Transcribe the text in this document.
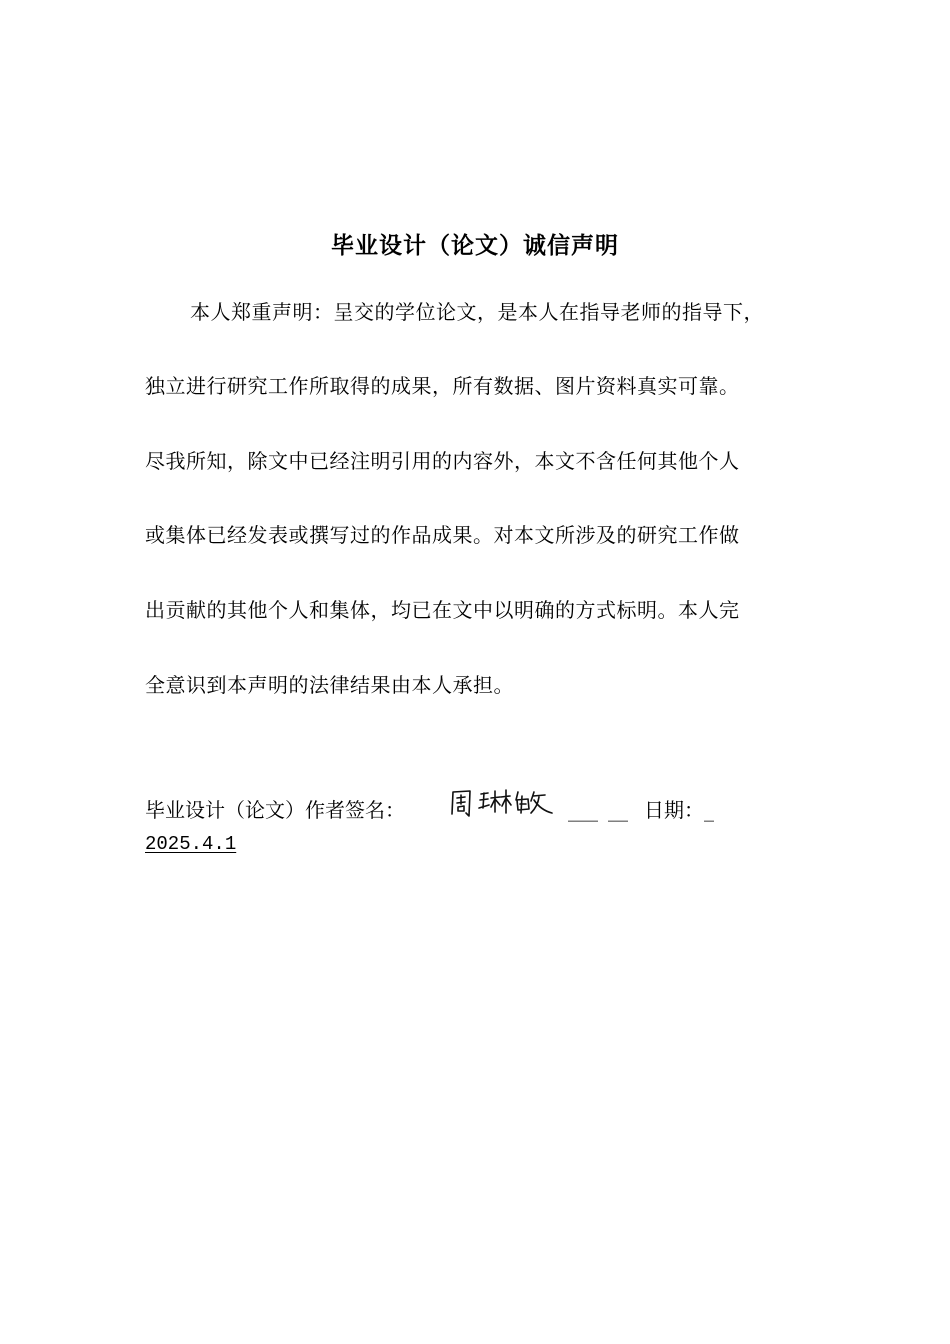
毕业设计（论文）诚信声明
本人郑重声明：呈交的学位论文，是本人在指导老师的指导下，
独立进行研究工作所取得的成果，所有数据、图片资料真实可靠。
尽我所知，除文中已经注明引用的内容外，本文不含任何其他个人
或集体已经发表或撰写过的作品成果。对本文所涉及的研究工作做
出贡献的其他个人和集体，均已在文中以明确的方式标明。本人完
全意识到本声明的法律结果由本人承担。
毕业设计（论文）作者签名：	___ __ 日期：_
2025.4.1
